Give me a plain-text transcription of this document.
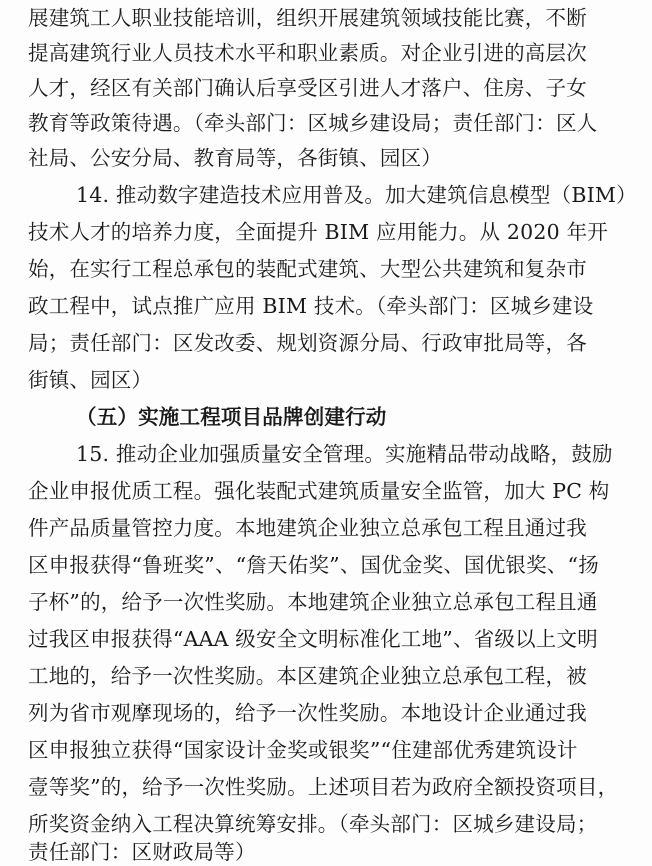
展建筑工人职业技能培训，组织开展建筑领域技能比赛，不断
提高建筑行业人员技术水平和职业素质。对企业引进的高层次
人才，经区有关部门确认后享受区引进人才落户、住房、子女
教育等政策待遇。（牵头部门：区城乡建设局；责任部门：区人
社局、公安分局、教育局等，各街镇、园区）
14. 推动数字建造技术应用普及。加大建筑信息模型（BIM）
技术人才的培养力度，全面提升 BIM 应用能力。从 2020 年开
始，在实行工程总承包的装配式建筑、大型公共建筑和复杂市
政工程中，试点推广应用 BIM 技术。（牵头部门：区城乡建设
局；责任部门：区发改委、规划资源分局、行政审批局等，各
街镇、园区）
（五）实施工程项目品牌创建行动
15. 推动企业加强质量安全管理。实施精品带动战略，鼓励
企业申报优质工程。强化装配式建筑质量安全监管，加大 PC 构
件产品质量管控力度。本地建筑企业独立总承包工程且通过我
区申报获得“鲁班奖”、“詹天佑奖”、国优金奖、国优银奖、“扬
子杯”的，给予一次性奖励。本地建筑企业独立总承包工程且通
过我区申报获得“AAA 级安全文明标准化工地”、省级以上文明
工地的，给予一次性奖励。本区建筑企业独立总承包工程，被
列为省市观摩现场的，给予一次性奖励。本地设计企业通过我
区申报独立获得“国家设计金奖或银奖”“住建部优秀建筑设计
壹等奖”的，给予一次性奖励。上述项目若为政府全额投资项目，
所奖资金纳入工程决算统筹安排。（牵头部门：区城乡建设局；
责任部门：区财政局等）
